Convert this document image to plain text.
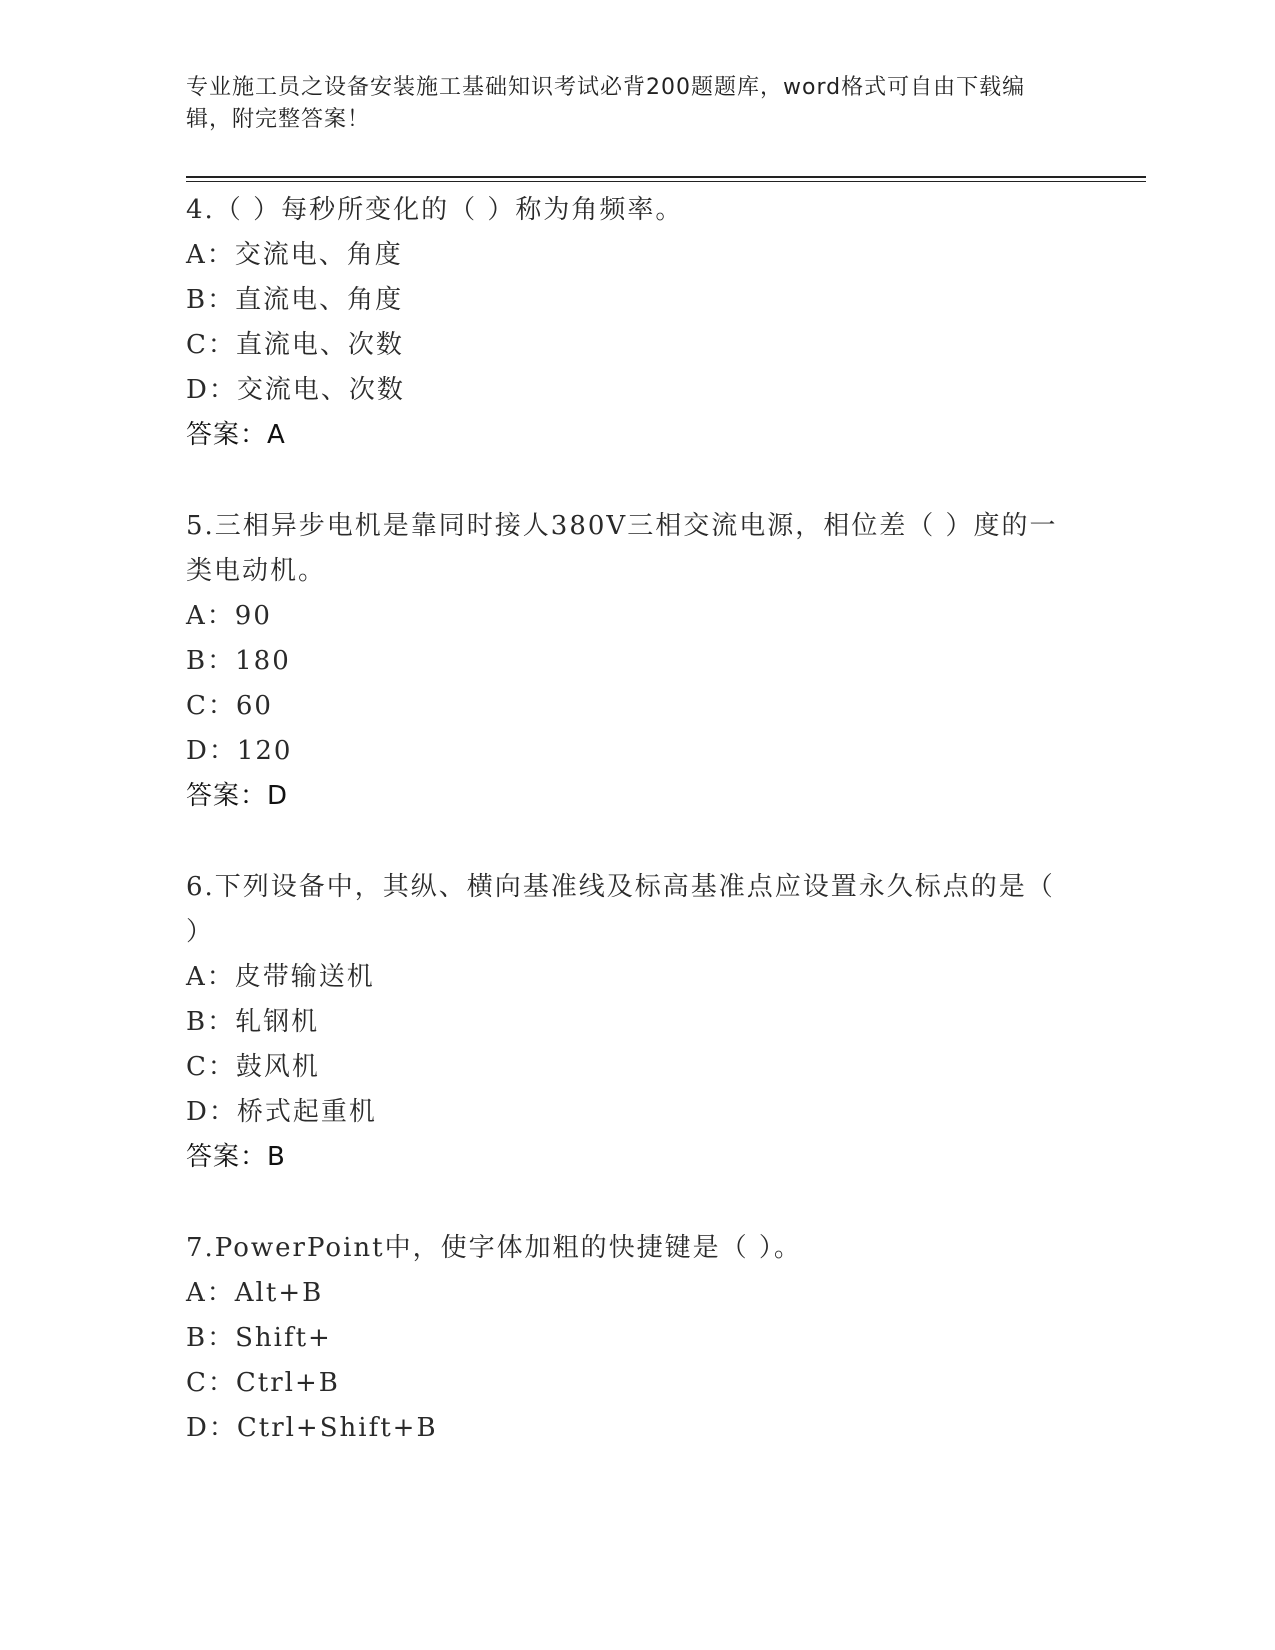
专业施工员之设备安装施工基础知识考试必背200题题库，word格式可自由下载编辑，附完整答案！
4.（ ）每秒所变化的（ ）称为角频率。
A：交流电、角度
B：直流电、角度
C：直流电、次数
D：交流电、次数
答案：A
5.三相异步电机是靠同时接人380V三相交流电源，相位差（ ）度的一类电动机。
A：90
B：180
C：60
D：120
答案：D
6.下列设备中，其纵、横向基准线及标高基准点应设置永久标点的是（ ）
A：皮带输送机
B：轧钢机
C：鼓风机
D：桥式起重机
答案：B
7.PowerPoint中，使字体加粗的快捷键是（ ）。
A：Alt+B
B：Shift+
C：Ctrl+B
D：Ctrl+Shift+B
